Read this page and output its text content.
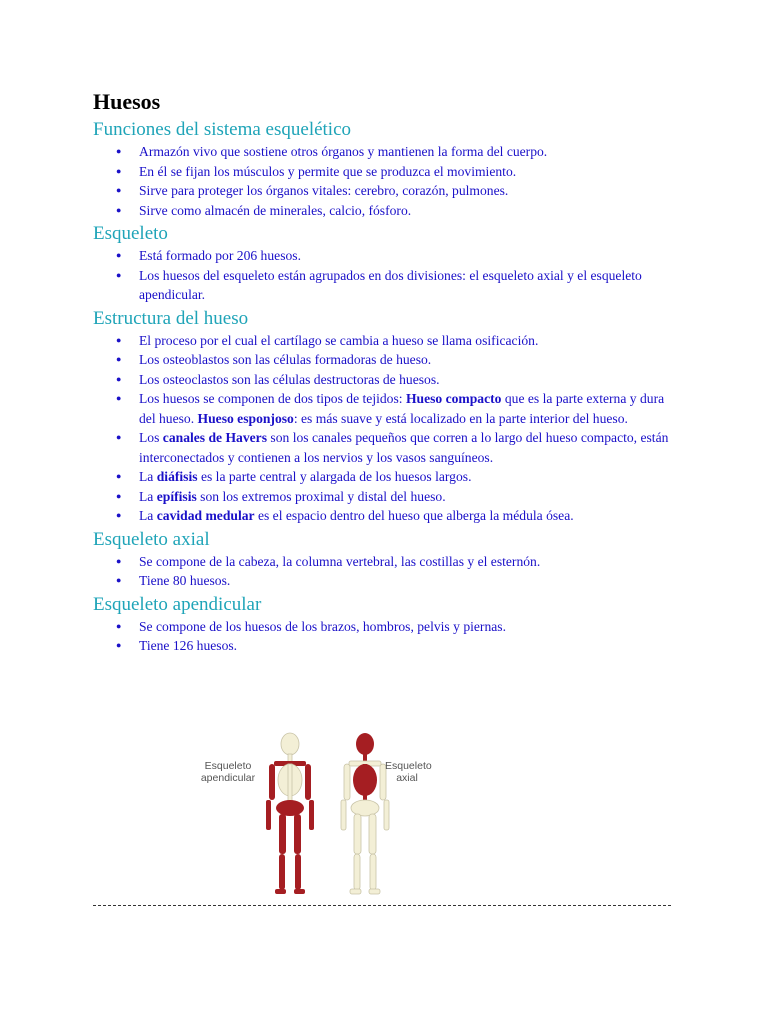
Huesos
Funciones del sistema esquelético
● Armazón vivo que sostiene otros órganos y mantienen la forma del cuerpo.
● En él se fijan los músculos y permite que se produzca el movimiento.
● Sirve para proteger los órganos vitales: cerebro, corazón, pulmones.
● Sirve como almacén de minerales, calcio, fósforo.
Esqueleto
● Está formado por 206 huesos.
● Los huesos del esqueleto están agrupados en dos divisiones: el esqueleto axial y el esqueleto apendicular.
Estructura del hueso
● El proceso por el cual el cartílago se cambia a hueso se llama osificación.
● Los osteoblastos son las células formadoras de hueso.
● Los osteoclastos son las células destructoras de huesos.
● Los huesos se componen de dos tipos de tejidos: Hueso compacto que es la parte externa y dura del hueso. Hueso esponjoso: es más suave y está localizado en la parte interior del hueso.
● Los canales de Havers son los canales pequeños que corren a lo largo del hueso compacto, están interconectados y contienen a los nervios y los vasos sanguíneos.
● La diáfisis es la parte central y alargada de los huesos largos.
● La epífisis son los extremos proximal y distal del hueso.
● La cavidad medular es el espacio dentro del hueso que alberga la médula ósea.
Esqueleto axial
● Se compone de la cabeza, la columna vertebral, las costillas y el esternón.
● Tiene 80 huesos.
Esqueleto apendicular
● Se compone de los huesos de los brazos, hombros, pelvis y piernas.
● Tiene 126 huesos.
Esqueleto apendicular
Esqueleto axial
